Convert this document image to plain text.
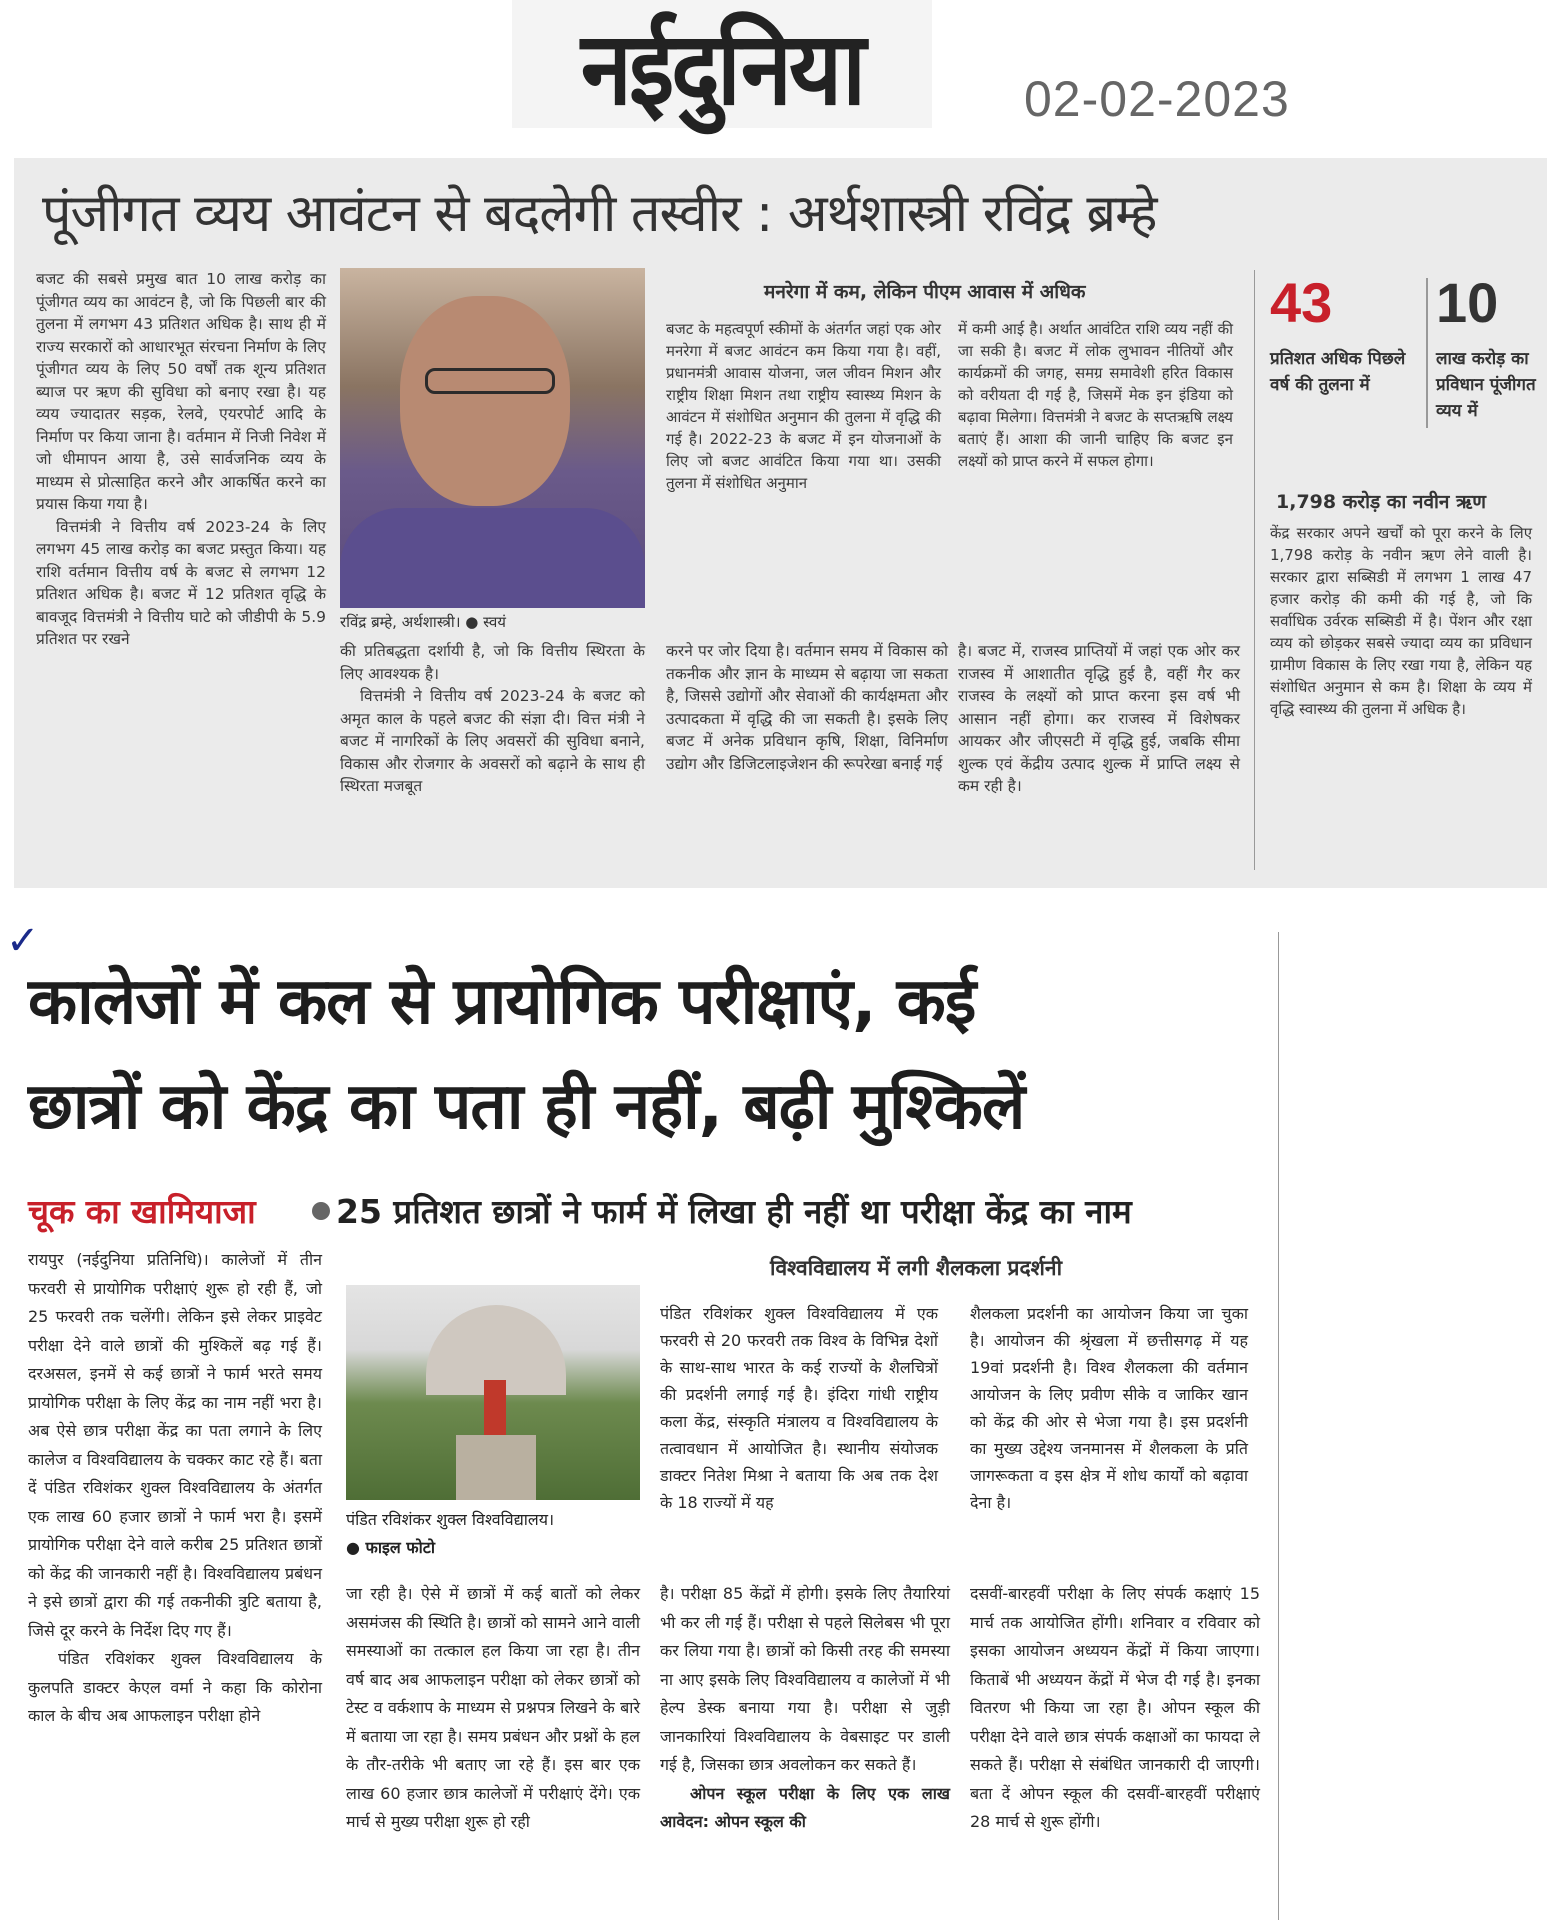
नईदुनिया	02-02-2023
पूंजीगत व्यय आवंटन से बदलेगी तस्वीर : अर्थशास्त्री रविंद्र ब्रम्हे

बजट की सबसे प्रमुख बात 10 लाख करोड़ का पूंजीगत व्यय का आवंटन है, जो कि पिछली बार की तुलना में लगभग 43 प्रतिशत अधिक है। साथ ही में राज्य सरकारों को आधारभूत संरचना निर्माण के लिए पूंजीगत व्यय के लिए 50 वर्षों तक शून्य प्रतिशत ब्याज पर ऋण की सुविधा को बनाए रखा है। यह व्यय ज्यादातर सड़क, रेलवे, एयरपोर्ट आदि के निर्माण पर किया जाना है। वर्तमान में निजी निवेश में जो धीमापन आया है, उसे सार्वजनिक व्यय के माध्यम से प्रोत्साहित करने और आकर्षित करने का प्रयास किया गया है।

वित्तमंत्री ने वित्तीय वर्ष 2023-24 के लिए लगभग 45 लाख करोड़ का बजट प्रस्तुत किया। यह राशि वर्तमान वित्तीय वर्ष के बजट से लगभग 12 प्रतिशत अधिक है। बजट में 12 प्रतिशत वृद्धि के बावजूद वित्तमंत्री ने वित्तीय घाटे को जीडीपी के 5.9 प्रतिशत पर रखने

रविंद्र ब्रम्हे, अर्थशास्त्री। ● स्वयं

की प्रतिबद्धता दर्शायी है, जो कि वित्तीय स्थिरता के लिए आवश्यक है।

वित्तमंत्री ने वित्तीय वर्ष 2023-24 के बजट को अमृत काल के पहले बजट की संज्ञा दी। वित्त मंत्री ने बजट में नागरिकों के लिए अवसरों की सुविधा बनाने, विकास और रोजगार के अवसरों को बढ़ाने के साथ ही स्थिरता मजबूत

मनरेगा में कम, लेकिन पीएम आवास में अधिक
बजट के महत्वपूर्ण स्कीमों के अंतर्गत जहां एक ओर मनरेगा में बजट आवंटन कम किया गया है। वहीं, प्रधानमंत्री आवास योजना, जल जीवन मिशन और राष्ट्रीय शिक्षा मिशन तथा राष्ट्रीय स्वास्थ्य मिशन के आवंटन में संशोधित अनुमान की तुलना में वृद्धि की गई है। 2022-23 के बजट में इन योजनाओं के लिए जो बजट आवंटित किया गया था। उसकी तुलना में संशोधित अनुमान
में कमी आई है। अर्थात आवंटित राशि व्यय नहीं की जा सकी है। बजट में लोक लुभावन नीतियों और कार्यक्रमों की जगह, समग्र समावेशी हरित विकास को वरीयता दी गई है, जिसमें मेक इन इंडिया को बढ़ावा मिलेगा। वित्तमंत्री ने बजट के सप्तऋषि लक्ष्य बताएं हैं। आशा की जानी चाहिए कि बजट इन लक्ष्यों को प्राप्त करने में सफल होगा।
करने पर जोर दिया है। वर्तमान समय में विकास को तकनीक और ज्ञान के माध्यम से बढ़ाया जा सकता है, जिससे उद्योगों और सेवाओं की कार्यक्षमता और उत्पादकता में वृद्धि की जा सकती है। इसके लिए बजट में अनेक प्रविधान कृषि, शिक्षा, विनिर्माण उद्योग और डिजिटलाइजेशन की रूपरेखा बनाई गई
है। बजट में, राजस्व प्राप्तियों में जहां एक ओर कर राजस्व में आशातीत वृद्धि हुई है, वहीं गैर कर राजस्व के लक्ष्यों को प्राप्त करना इस वर्ष भी आसान नहीं होगा। कर राजस्व में विशेषकर आयकर और जीएसटी में वृद्धि हुई, जबकि सीमा शुल्क एवं केंद्रीय उत्पाद शुल्क में प्राप्ति लक्ष्य से कम रही है।
43
प्रतिशत अधिक पिछले वर्ष की तुलना में
10
लाख करोड़ का प्रविधान पूंजीगत व्यय में
1,798 करोड़ का नवीन ऋण
केंद्र सरकार अपने खर्चों को पूरा करने के लिए 1,798 करोड़ के नवीन ऋण लेने वाली है। सरकार द्वारा सब्सिडी में लगभग 1 लाख 47 हजार करोड़ की कमी की गई है, जो कि सर्वाधिक उर्वरक सब्सिडी में है। पेंशन और रक्षा व्यय को छोड़कर सबसे ज्यादा व्यय का प्रविधान ग्रामीण विकास के लिए रखा गया है, लेकिन यह संशोधित अनुमान से कम है। शिक्षा के व्यय में वृद्धि स्वास्थ्य की तुलना में अधिक है।
✓
कालेजों में कल से प्रायोगिक परीक्षाएं, कई
छात्रों को केंद्र का पता ही नहीं, बढ़ी मुश्किलें
चूक का खामियाजा 25 प्रतिशत छात्रों ने फार्म में लिखा ही नहीं था परीक्षा केंद्र का नाम

रायपुर (नईदुनिया प्रतिनिधि)। कालेजों में तीन फरवरी से प्रायोगिक परीक्षाएं शुरू हो रही हैं, जो 25 फरवरी तक चलेंगी। लेकिन इसे लेकर प्राइवेट परीक्षा देने वाले छात्रों की मुश्किलें बढ़ गई हैं। दरअसल, इनमें से कई छात्रों ने फार्म भरते समय प्रायोगिक परीक्षा के लिए केंद्र का नाम नहीं भरा है। अब ऐसे छात्र परीक्षा केंद्र का पता लगाने के लिए कालेज व विश्वविद्यालय के चक्कर काट रहे हैं। बता दें पंडित रविशंकर शुक्ल विश्वविद्यालय के अंतर्गत एक लाख 60 हजार छात्रों ने फार्म भरा है। इसमें प्रायोगिक परीक्षा देने वाले करीब 25 प्रतिशत छात्रों को केंद्र की जानकारी नहीं है। विश्वविद्यालय प्रबंधन ने इसे छात्रों द्वारा की गई तकनीकी त्रुटि बताया है, जिसे दूर करने के निर्देश दिए गए हैं।

पंडित रविशंकर शुक्ल विश्वविद्यालय के कुलपति डाक्टर केएल वर्मा ने कहा कि कोरोना काल के बीच अब आफलाइन परीक्षा होने

पंडित रविशंकर शुक्ल विश्वविद्यालय।
● फाइल फोटो
जा रही है। ऐसे में छात्रों में कई बातों को लेकर असमंजस की स्थिति है। छात्रों को सामने आने वाली समस्याओं का तत्काल हल किया जा रहा है। तीन वर्ष बाद अब आफलाइन परीक्षा को लेकर छात्रों को टेस्ट व वर्कशाप के माध्यम से प्रश्नपत्र लिखने के बारे में बताया जा रहा है। समय प्रबंधन और प्रश्नों के हल के तौर-तरीके भी बताए जा रहे हैं। इस बार एक लाख 60 हजार छात्र कालेजों में परीक्षाएं देंगे। एक मार्च से मुख्य परीक्षा शुरू हो रही
विश्वविद्यालय में लगी शैलकला प्रदर्शनी
पंडित रविशंकर शुक्ल विश्वविद्यालय में एक फरवरी से 20 फरवरी तक विश्व के विभिन्न देशों के साथ-साथ भारत के कई राज्यों के शैलचित्रों की प्रदर्शनी लगाई गई है। इंदिरा गांधी राष्ट्रीय कला केंद्र, संस्कृति मंत्रालय व विश्वविद्यालय के तत्वावधान में आयोजित है। स्थानीय संयोजक डाक्टर नितेश मिश्रा ने बताया कि अब तक देश के 18 राज्यों में यह
शैलकला प्रदर्शनी का आयोजन किया जा चुका है। आयोजन की श्रृंखला में छत्तीसगढ़ में यह 19वां प्रदर्शनी है। विश्व शैलकला की वर्तमान आयोजन के लिए प्रवीण सीके व जाकिर खान को केंद्र की ओर से भेजा गया है। इस प्रदर्शनी का मुख्य उद्देश्य जनमानस में शैलकला के प्रति जागरूकता व इस क्षेत्र में शोध कार्यों को बढ़ावा देना है।

है। परीक्षा 85 केंद्रों में होगी। इसके लिए तैयारियां भी कर ली गई हैं। परीक्षा से पहले सिलेबस भी पूरा कर लिया गया है। छात्रों को किसी तरह की समस्या ना आए इसके लिए विश्वविद्यालय व कालेजों में भी हेल्प डेस्क बनाया गया है। परीक्षा से जुड़ी जानकारियां विश्वविद्यालय के वेबसाइट पर डाली गई है, जिसका छात्र अवलोकन कर सकते हैं।

ओपन स्कूल परीक्षा के लिए एक लाख आवेदन: ओपन स्कूल की

दसवीं-बारहवीं परीक्षा के लिए संपर्क कक्षाएं 15 मार्च तक आयोजित होंगी। शनिवार व रविवार को इसका आयोजन अध्ययन केंद्रों में किया जाएगा। किताबें भी अध्ययन केंद्रों में भेज दी गई है। इनका वितरण भी किया जा रहा है। ओपन स्कूल की परीक्षा देने वाले छात्र संपर्क कक्षाओं का फायदा ले सकते हैं। परीक्षा से संबंधित जानकारी दी जाएगी। बता दें ओपन स्कूल की दसवीं-बारहवीं परीक्षाएं 28 मार्च से शुरू होंगी।
